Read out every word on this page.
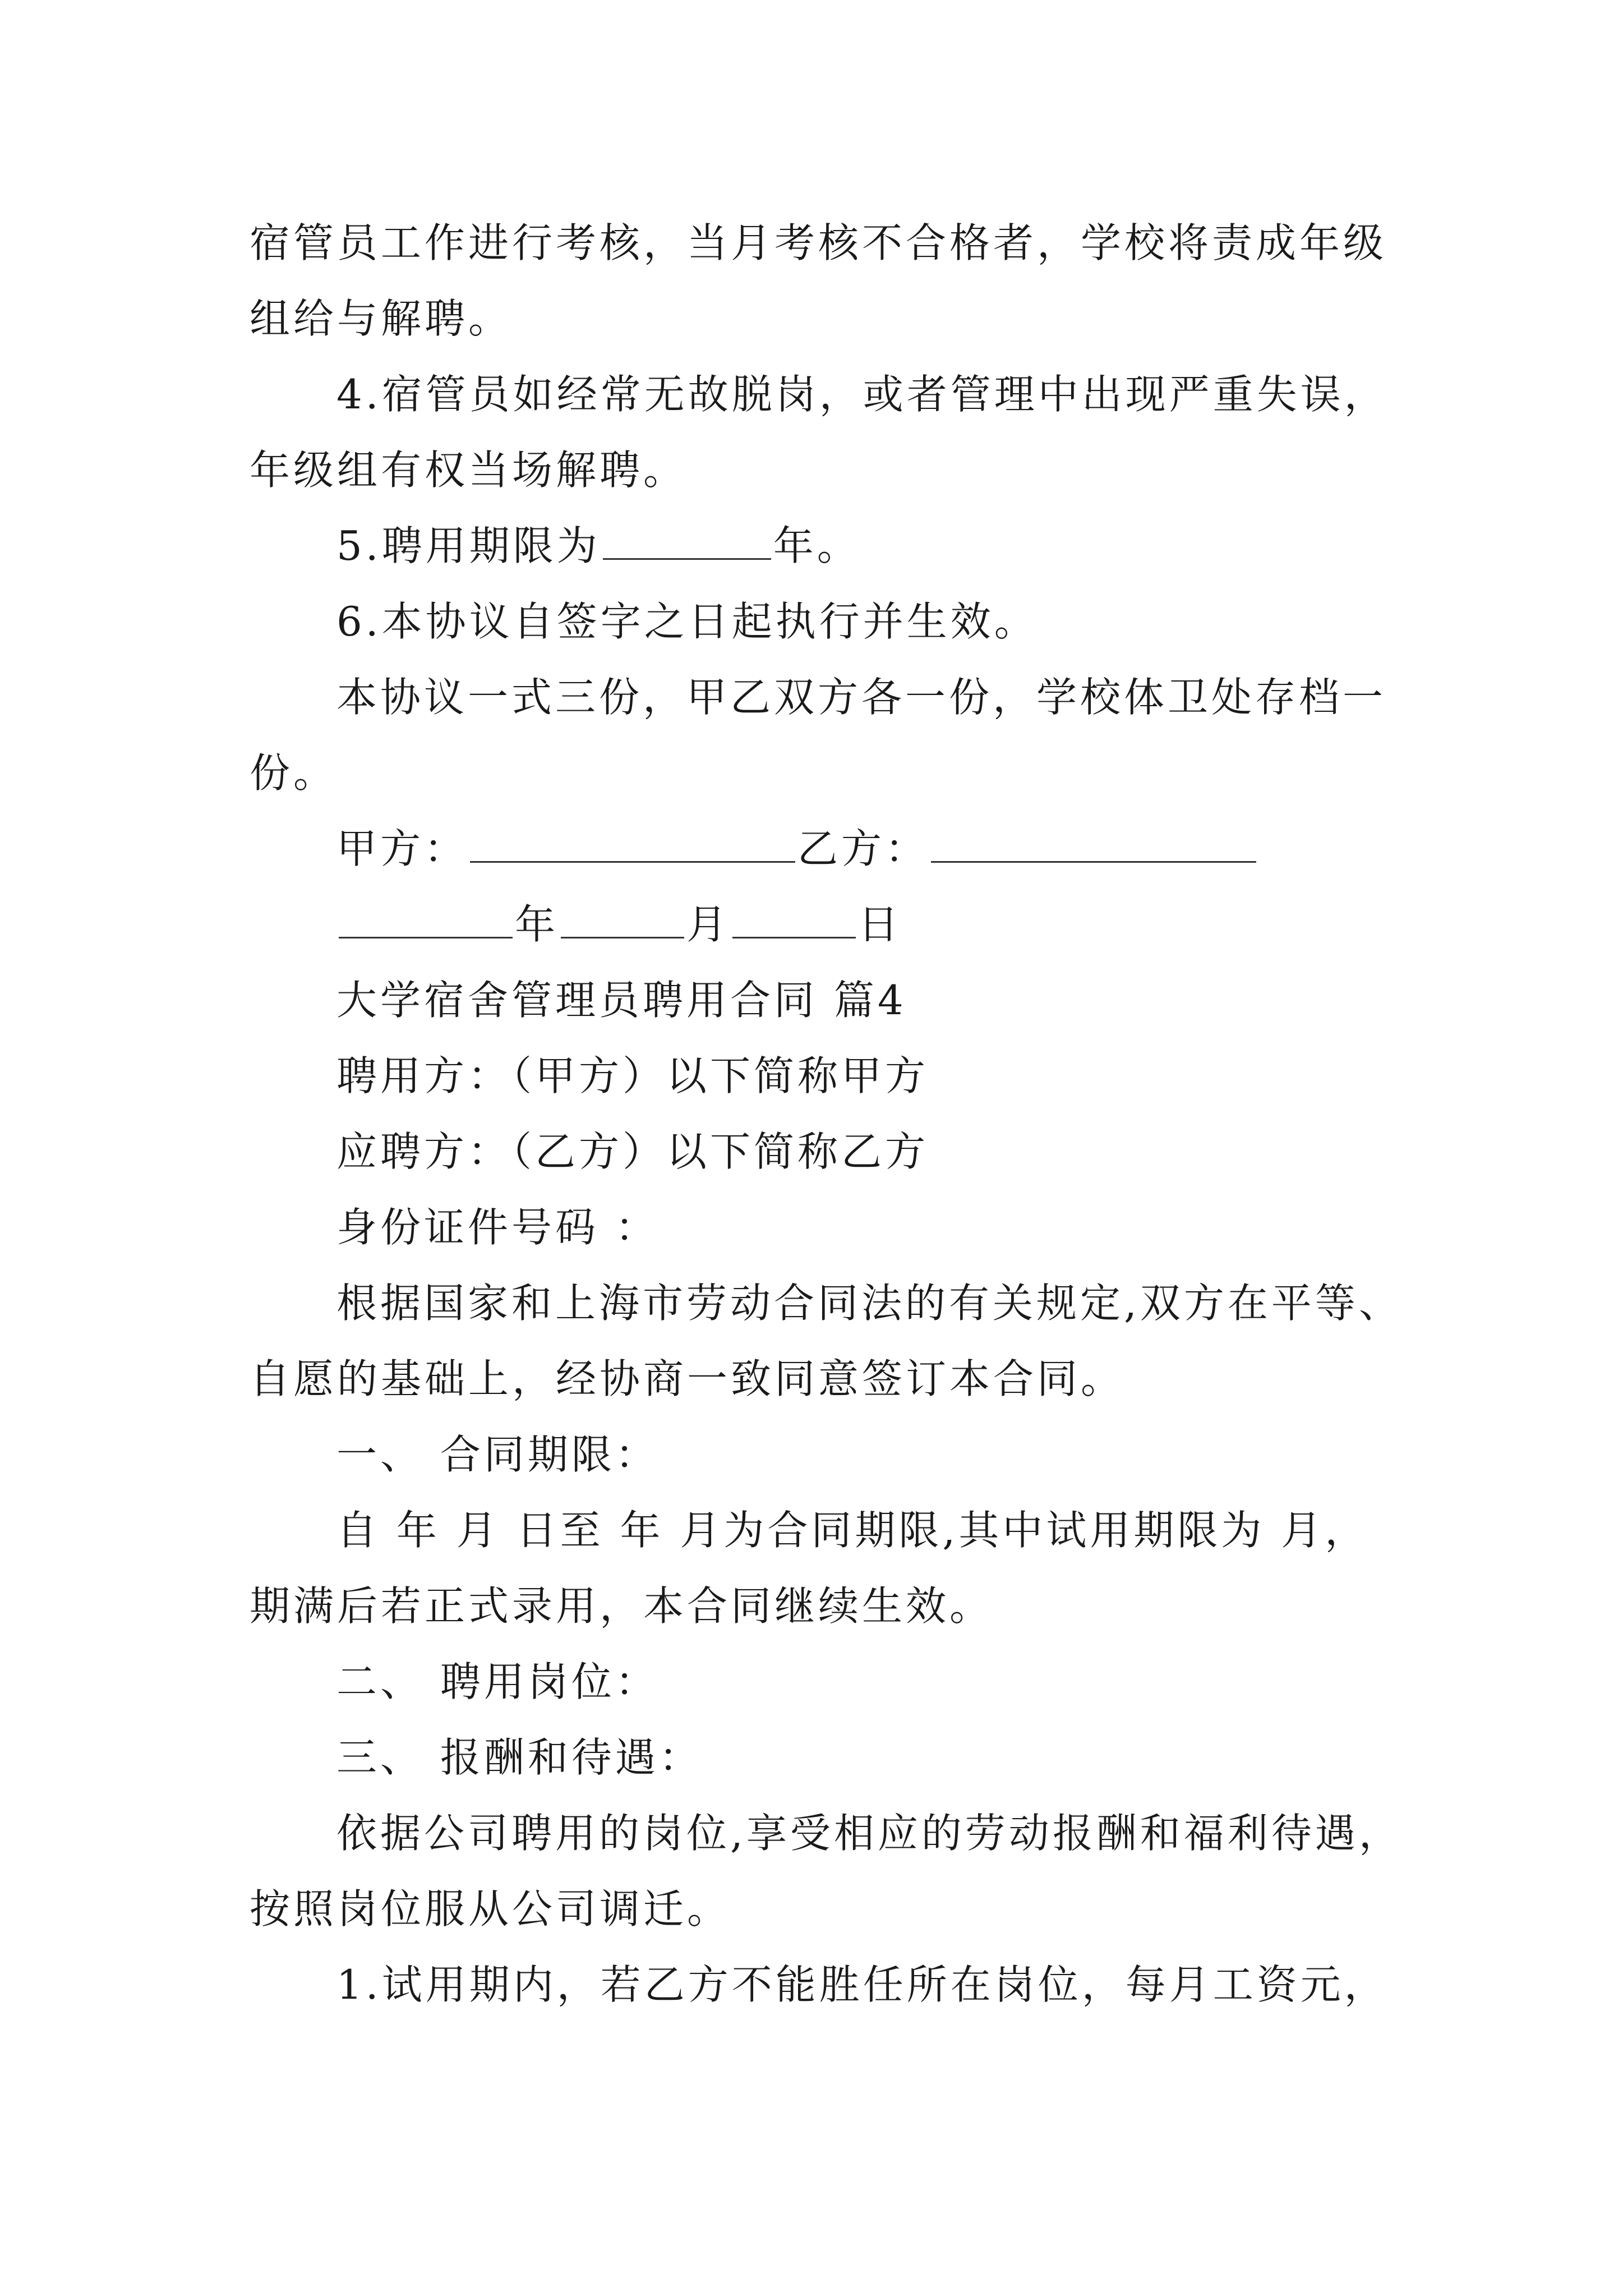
宿管员工作进行考核，当月考核不合格者，学校将责成年级
组给与解聘。
4.宿管员如经常无故脱岗，或者管理中出现严重失误，
年级组有权当场解聘。
5.聘用期限为	年。
6.本协议自签字之日起执行并生效。
本协议一式三份，甲乙双方各一份，学校体卫处存档一
份。
甲方：	乙方：
年	月	日
大学宿舍管理员聘用合同 篇4
聘用方：（甲方）以下简称甲方
应聘方：（乙方）以下简称乙方
身份证件号码 ：
根据国家和上海市劳动合同法的有关规定,双方在平等、
自愿的基础上，经协商一致同意签订本合同。
一、 合同期限：
自 年 月 日至 年 月为合同期限,其中试用期限为 月，
期满后若正式录用，本合同继续生效。
二、 聘用岗位：
三、 报酬和待遇：
依据公司聘用的岗位,享受相应的劳动报酬和福利待遇，
按照岗位服从公司调迁。
1.试用期内，若乙方不能胜任所在岗位，每月工资元，
